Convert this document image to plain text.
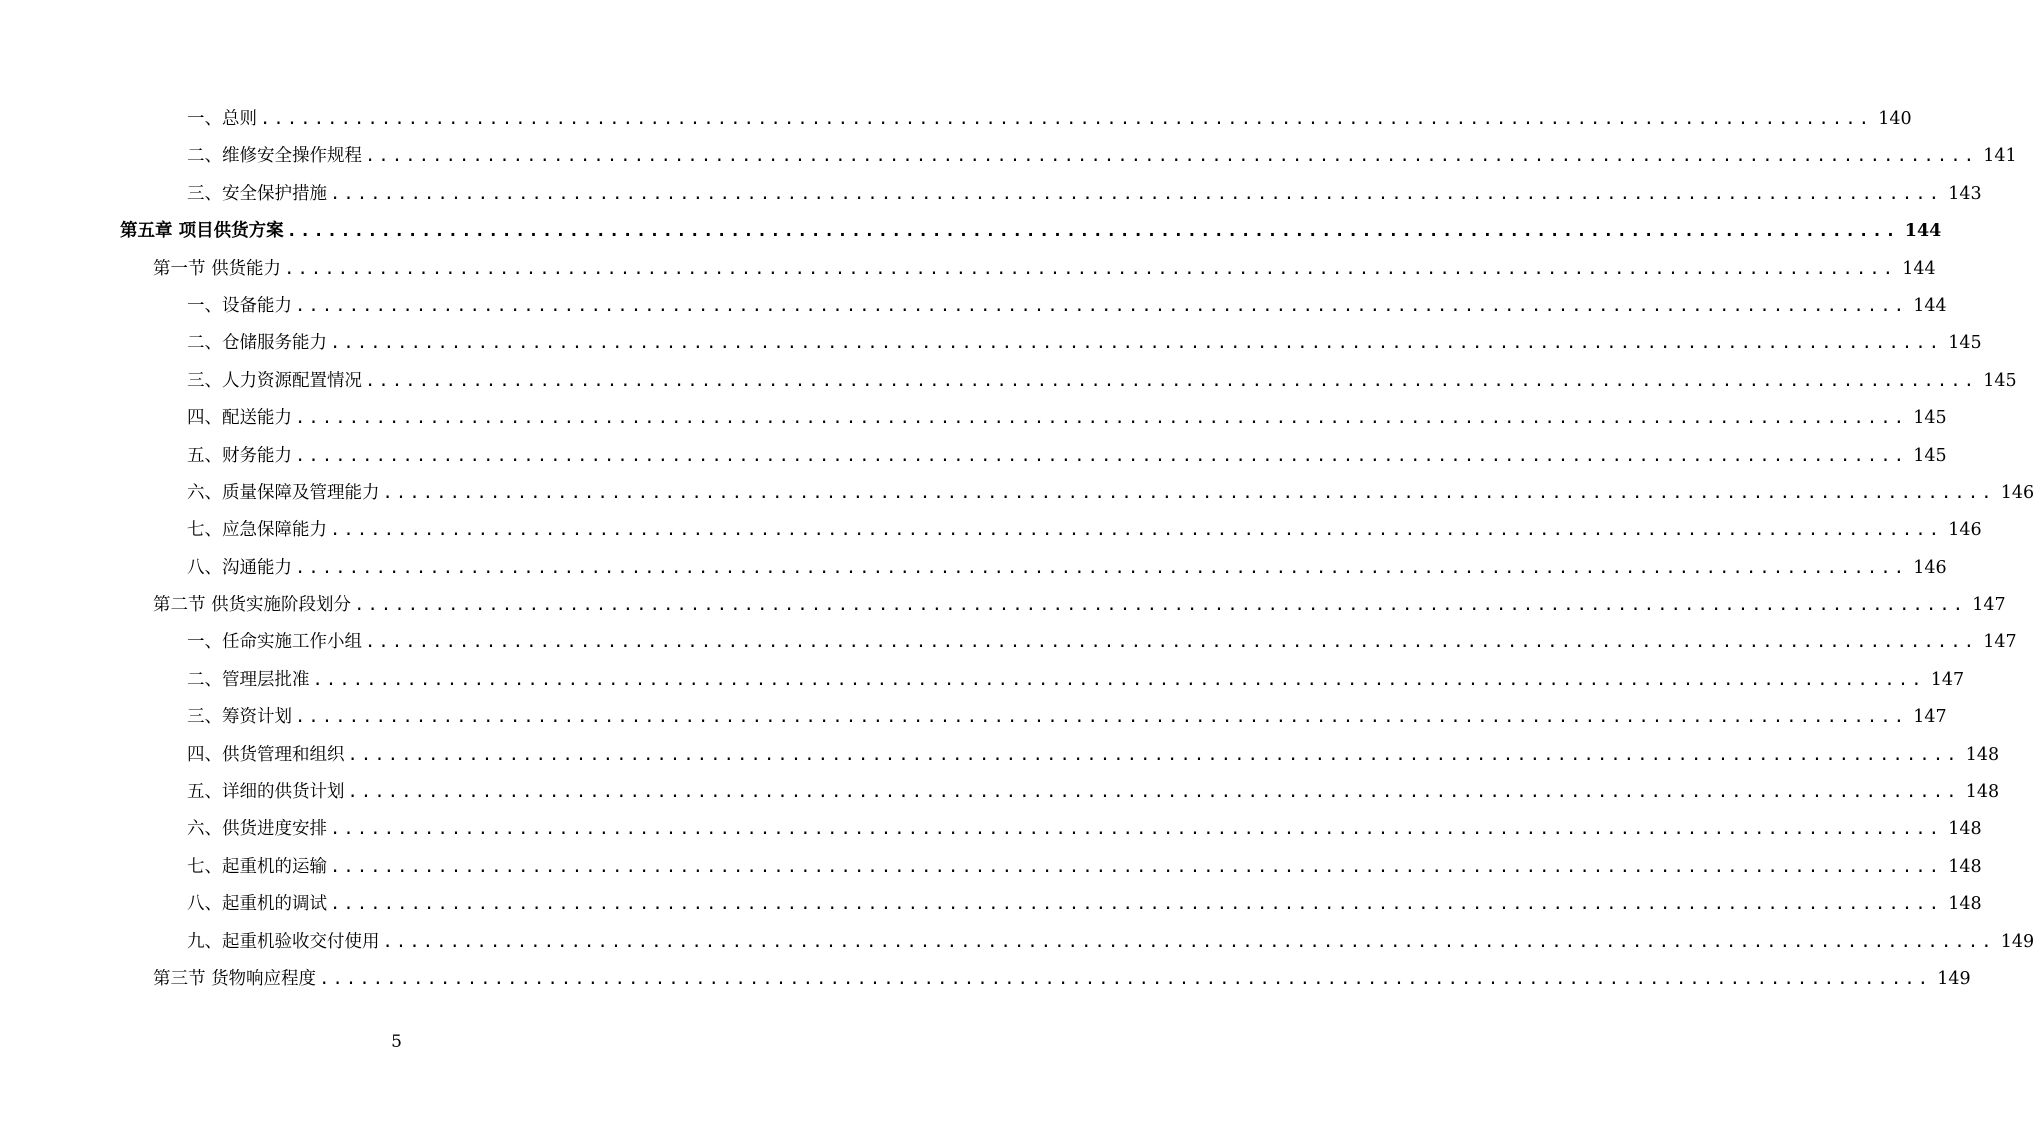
一、总则 ........................................................................................................................ 140
二、维修安全操作规程 ........................................................................................................................ 141
三、安全保护措施 ........................................................................................................................ 143
第五章 项目供货方案 ........................................................................................................................ 144
第一节 供货能力 ........................................................................................................................ 144
一、设备能力 ........................................................................................................................ 144
二、仓储服务能力 ........................................................................................................................ 145
三、人力资源配置情况 ........................................................................................................................ 145
四、配送能力 ........................................................................................................................ 145
五、财务能力 ........................................................................................................................ 145
六、质量保障及管理能力 ........................................................................................................................ 146
七、应急保障能力 ........................................................................................................................ 146
八、沟通能力 ........................................................................................................................ 146
第二节 供货实施阶段划分 ........................................................................................................................ 147
一、任命实施工作小组 ........................................................................................................................ 147
二、管理层批准 ........................................................................................................................ 147
三、筹资计划 ........................................................................................................................ 147
四、供货管理和组织 ........................................................................................................................ 148
五、详细的供货计划 ........................................................................................................................ 148
六、供货进度安排 ........................................................................................................................ 148
七、起重机的运输 ........................................................................................................................ 148
八、起重机的调试 ........................................................................................................................ 148
九、起重机验收交付使用 ........................................................................................................................ 149
第三节 货物响应程度 ........................................................................................................................ 149
5
